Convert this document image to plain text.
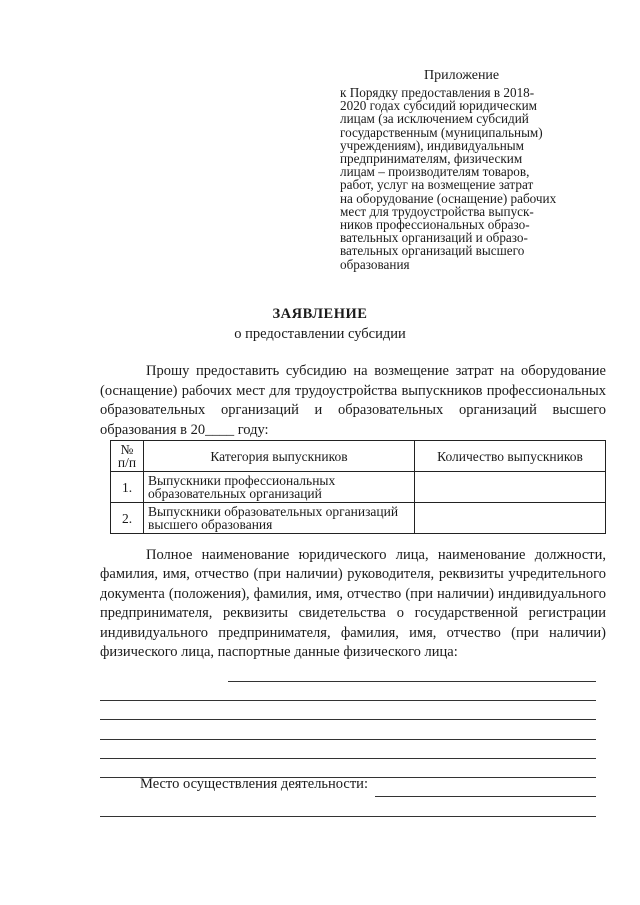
Приложение

к Порядку предоставления в 2018-
2020 годах субсидий юридическим
лицам (за исключением субсидий
государственным (муниципальным)
учреждениям), индивидуальным
предпринимателям, физическим
лицам – производителям товаров,
работ, услуг на возмещение затрат
на оборудование (оснащение) рабочих
мест для трудоустройства выпуск-
ников профессиональных образо-
вательных организаций и образо-
вательных организаций высшего
образования

ЗАЯВЛЕНИЕ
о предоставлении субсидии

Прошу предоставить субсидию на возмещение затрат на оборудование (оснащение) рабочих мест для трудоустройства выпускников профессиональных образовательных организаций и образовательных организаций высшего образования в 20____ году:

№ п/п	Категория выпускников	Количество выпускников
1.	Выпускники профессиональных образовательных организаций	
2.	Выпускники образовательных организаций высшего образования	

Полное наименование юридического лица, наименование должности, фамилия, имя, отчество (при наличии) руководителя, реквизиты учредительного документа (положения), фамилия, имя, отчество (при наличии) индивидуального предпринимателя, реквизиты свидетельства о государственной регистрации индивидуального предпринимателя, фамилия, имя, отчество (при наличии) физического лица, паспортные данные физического лица:

Место осуществления деятельности:
